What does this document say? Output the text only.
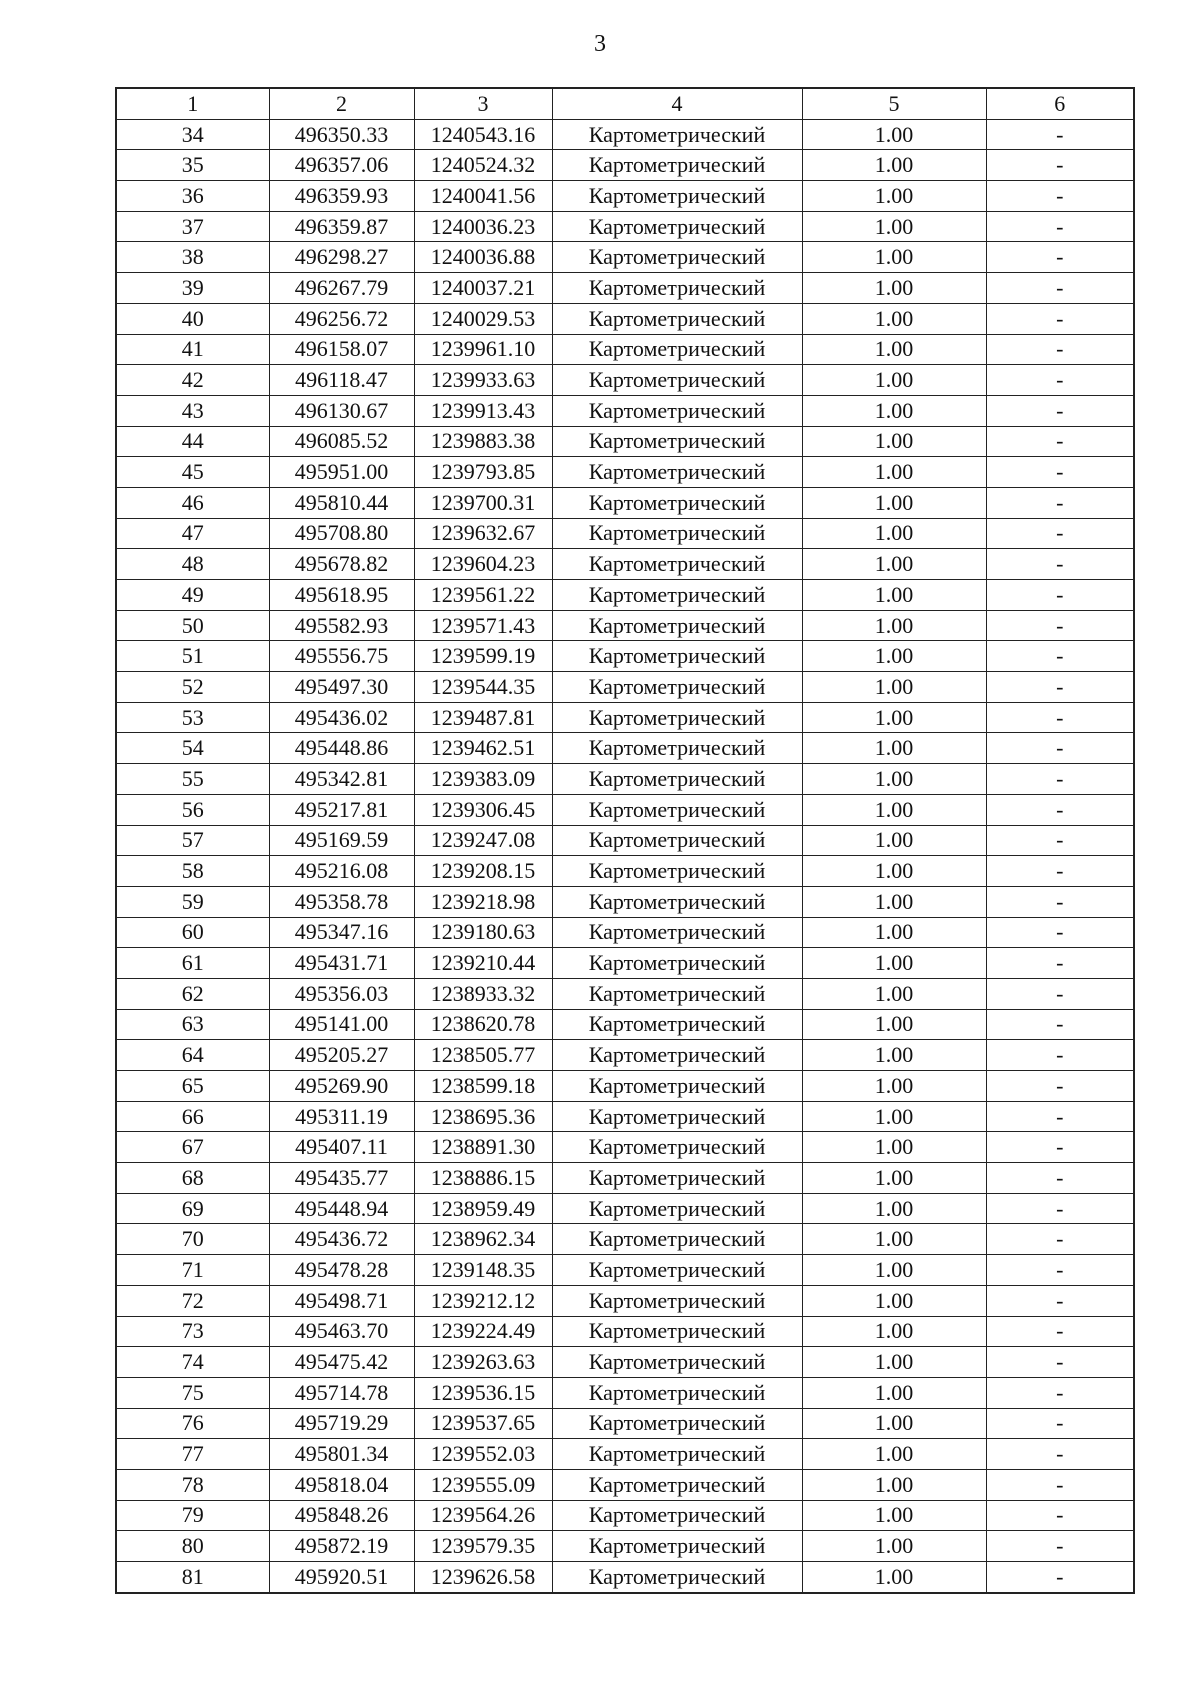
3
1	2	3	4	5	6
34	496350.33	1240543.16	Картометрический	1.00	-
35	496357.06	1240524.32	Картометрический	1.00	-
36	496359.93	1240041.56	Картометрический	1.00	-
37	496359.87	1240036.23	Картометрический	1.00	-
38	496298.27	1240036.88	Картометрический	1.00	-
39	496267.79	1240037.21	Картометрический	1.00	-
40	496256.72	1240029.53	Картометрический	1.00	-
41	496158.07	1239961.10	Картометрический	1.00	-
42	496118.47	1239933.63	Картометрический	1.00	-
43	496130.67	1239913.43	Картометрический	1.00	-
44	496085.52	1239883.38	Картометрический	1.00	-
45	495951.00	1239793.85	Картометрический	1.00	-
46	495810.44	1239700.31	Картометрический	1.00	-
47	495708.80	1239632.67	Картометрический	1.00	-
48	495678.82	1239604.23	Картометрический	1.00	-
49	495618.95	1239561.22	Картометрический	1.00	-
50	495582.93	1239571.43	Картометрический	1.00	-
51	495556.75	1239599.19	Картометрический	1.00	-
52	495497.30	1239544.35	Картометрический	1.00	-
53	495436.02	1239487.81	Картометрический	1.00	-
54	495448.86	1239462.51	Картометрический	1.00	-
55	495342.81	1239383.09	Картометрический	1.00	-
56	495217.81	1239306.45	Картометрический	1.00	-
57	495169.59	1239247.08	Картометрический	1.00	-
58	495216.08	1239208.15	Картометрический	1.00	-
59	495358.78	1239218.98	Картометрический	1.00	-
60	495347.16	1239180.63	Картометрический	1.00	-
61	495431.71	1239210.44	Картометрический	1.00	-
62	495356.03	1238933.32	Картометрический	1.00	-
63	495141.00	1238620.78	Картометрический	1.00	-
64	495205.27	1238505.77	Картометрический	1.00	-
65	495269.90	1238599.18	Картометрический	1.00	-
66	495311.19	1238695.36	Картометрический	1.00	-
67	495407.11	1238891.30	Картометрический	1.00	-
68	495435.77	1238886.15	Картометрический	1.00	-
69	495448.94	1238959.49	Картометрический	1.00	-
70	495436.72	1238962.34	Картометрический	1.00	-
71	495478.28	1239148.35	Картометрический	1.00	-
72	495498.71	1239212.12	Картометрический	1.00	-
73	495463.70	1239224.49	Картометрический	1.00	-
74	495475.42	1239263.63	Картометрический	1.00	-
75	495714.78	1239536.15	Картометрический	1.00	-
76	495719.29	1239537.65	Картометрический	1.00	-
77	495801.34	1239552.03	Картометрический	1.00	-
78	495818.04	1239555.09	Картометрический	1.00	-
79	495848.26	1239564.26	Картометрический	1.00	-
80	495872.19	1239579.35	Картометрический	1.00	-
81	495920.51	1239626.58	Картометрический	1.00	-
